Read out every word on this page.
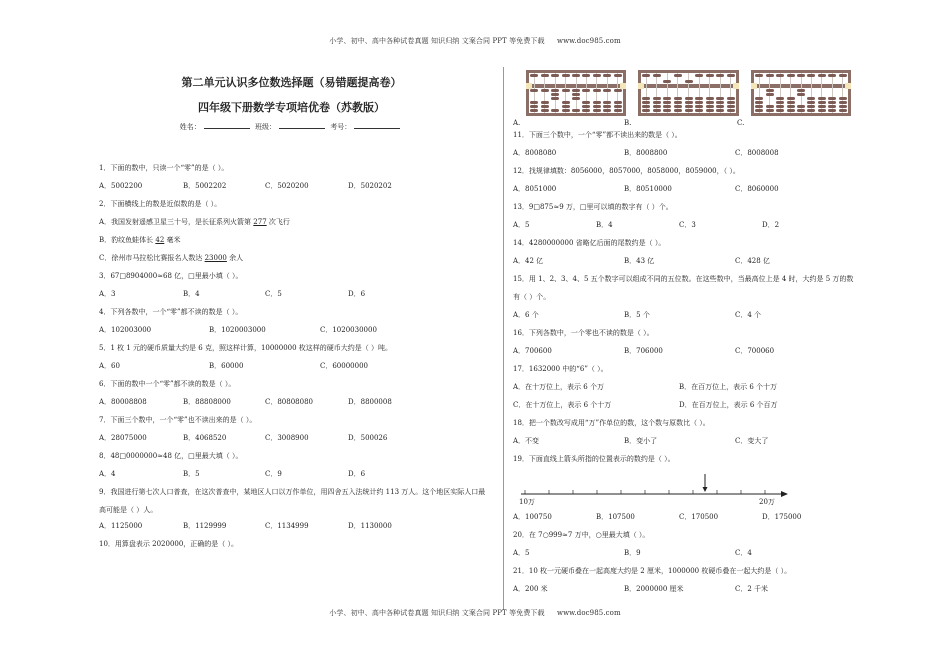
小学、初中、高中各种试卷真题 知识归纳 文案合同 PPT 等免费下载 www.doc985.com
第二单元认识多位数选择题（易错题提高卷）
四年级下册数学专项培优卷（苏教版）
姓名：	班级：	考号：
1．下面的数中，只读一个“零”的是（ ）。
A．5002200	B．5002202	C．5020200	D．5020202
2．下面横线上的数是近似数的是（ ）。
A．我国发射遥感卫星三十号，是长征系列火箭第 277 次飞行
B．豹纹鱼蛙体长 42 毫米
C．徐州市马拉松比赛报名人数达 23000 余人
3．67□8904000≈68 亿，□里最小填（ ）。
A．3	B．4	C．5	D．6
4．下列各数中，一个“零”都不读的数是（ ）。
A．102003000	B．1020003000	C．1020030000
5．1 枚 1 元的硬币质量大约是 6 克，照这样计算，10000000 枚这样的硬币大约是（ ）吨。
A．60	B．60000	C．60000000
6．下面的数中一个“零”都不读的数是（ ）。
A．80008808	B．88808000	C．80808080	D．8800008
7．下面三个数中，一个“零”也不读出来的是（ ）。
A．28075000	B．4068520	C．3008900	D．500026
8．48□0000000≈48 亿，□里最大填（ ）。
A．4	B．5	C．9	D．6
9．我国进行第七次人口普查，在这次普查中，某地区人口以万作单位，用四舍五入法统计约 113 万人。这个地区实际人口最高可能是（ ）人。
A．1125000	B．1129999	C．1134999	D．1130000
10．用算盘表示 2020000，正确的是（ ）。
A.	B.	C.
11．下面三个数中，一个“零”都不读出来的数是（ ）。
A．8008080	B．8008800	C．8008008
12．找规律填数：8056000，8057000，8058000，8059000，（ ）。
A．8051000	B．80510000	C．8060000
13．9□875≈9 万，□里可以填的数字有（ ）个。
A．5	B．4	C．3	D．2
14．4280000000 省略亿后面的尾数约是（ ）。
A．42 亿	B．43 亿	C．428 亿
15．用 1、2、3、4、5 五个数字可以组成不同的五位数。在这些数中，当最高位上是 4 时，大约是 5 万的数
有（ ）个。
A．6 个	B．5 个	C．4 个
16．下列各数中，一个零也不读的数是（ ）。
A．700600	B．706000	C．700060
17．1632000 中的“6”（ ）。
A．在十万位上，表示 6 个万	B．在百万位上，表示 6 个十万
C．在十万位上，表示 6 个十万	D．在百万位上，表示 6 个百万
18．把一个数改写成用“万”作单位的数，这个数与原数比（ ）。
A．不变	B．变小了	C．变大了
19．下面直线上箭头所指的位置表示的数约是（ ）。
10万	20万
A．100750	B．107500	C．170500	D．175000
20．在 7○999≈7 万中，○里最大填（ ）。
A．5	B．9	C．4
21．10 枚一元硬币叠在一起高度大约是 2 厘米，1000000 枚硬币叠在一起大约是（ ）。
A．200 米	B．2000000 厘米	C．2 千米
小学、初中、高中各种试卷真题 知识归纳 文案合同 PPT 等免费下载 www.doc985.com
